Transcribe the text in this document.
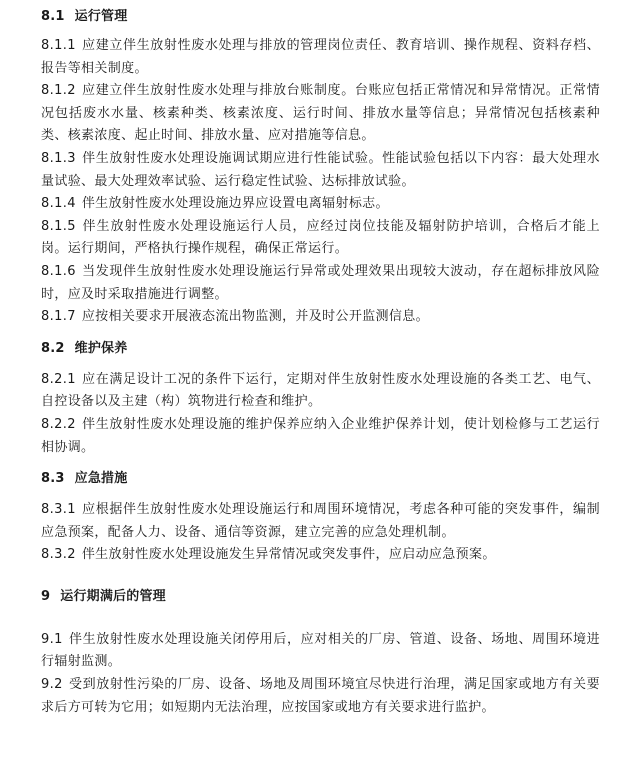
8.1 运行管理

8.1.1 应建立伴生放射性废水处理与排放的管理岗位责任、教育培训、操作规程、资料存档、报告等相关制度。

8.1.2 应建立伴生放射性废水处理与排放台账制度。台账应包括正常情况和异常情况。正常情况包括废水水量、核素种类、核素浓度、运行时间、排放水量等信息；异常情况包括核素种类、核素浓度、起止时间、排放水量、应对措施等信息。

8.1.3 伴生放射性废水处理设施调试期应进行性能试验。性能试验包括以下内容：最大处理水量试验、最大处理效率试验、运行稳定性试验、达标排放试验。

8.1.4 伴生放射性废水处理设施边界应设置电离辐射标志。

8.1.5 伴生放射性废水处理设施运行人员，应经过岗位技能及辐射防护培训，合格后才能上岗。运行期间，严格执行操作规程，确保正常运行。

8.1.6 当发现伴生放射性废水处理设施运行异常或处理效果出现较大波动，存在超标排放风险时，应及时采取措施进行调整。

8.1.7 应按相关要求开展液态流出物监测，并及时公开监测信息。

8.2 维护保养

8.2.1 应在满足设计工况的条件下运行，定期对伴生放射性废水处理设施的各类工艺、电气、自控设备以及主建（构）筑物进行检查和维护。

8.2.2 伴生放射性废水处理设施的维护保养应纳入企业维护保养计划，使计划检修与工艺运行相协调。

8.3 应急措施

8.3.1 应根据伴生放射性废水处理设施运行和周围环境情况，考虑各种可能的突发事件，编制应急预案，配备人力、设备、通信等资源，建立完善的应急处理机制。

8.3.2 伴生放射性废水处理设施发生异常情况或突发事件，应启动应急预案。

9 运行期满后的管理

9.1 伴生放射性废水处理设施关闭停用后，应对相关的厂房、管道、设备、场地、周围环境进行辐射监测。

9.2 受到放射性污染的厂房、设备、场地及周围环境宜尽快进行治理，满足国家或地方有关要求后方可转为它用；如短期内无法治理，应按国家或地方有关要求进行监护。
